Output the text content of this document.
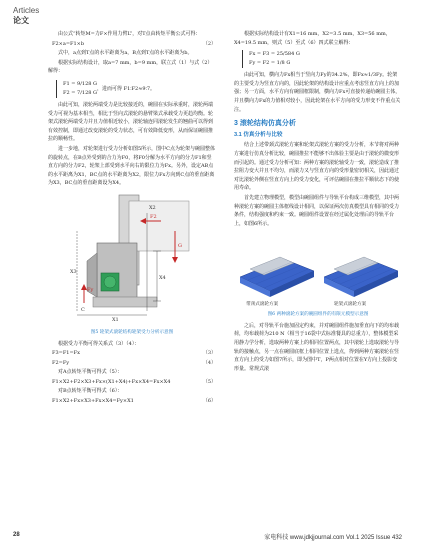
Articles
论文

由公式“转矩M=力F×作用力臂L”，对T点由转矩平衡公式可得：

F2×a=F1×b	（2）

式中，a点到T点的水平距离为a，B点到T点的水平距离为b。

根据实际结构设计，取a=7 mm，b=9 mm，联立式（1）与式（2）解得：

F1 = 9/128 G
F2 = 7/128 G
，进而可得 F1∶F2≈9∶7。

由此可知，滚轮两端受力是比较接近的，碗圆在实际承重时，滚轮两端受力可视为基本相当，相比于竖向式滚轮的悬臂梁式承载受力更趋均衡。轮架式滚轮两端受力并且力值相近较小，滚轮轴连同滚轮发生的翘曲可以得到有效控制，即通过改变滚轮的受力状态，可有效降低变形，从而保证碗圆推拉的顺畅性。

进一步地，对轮架进行受力分析如图5所示，图中C点为轮架与碗圆整体的旋转点，在B点外受到的合力为F0，将F0分解为水平方向的分力F1和竖直方向的分力F2，轮架上部受到水平向右的限位力为Fx。另外，设定AB点的水平距离为X1，BC点的水平距离为X2，限位力Fx方向到C点的垂直距离为X3，BC点的垂直距离设为X4。

X1
X4
X3
X2
C
G
F2
Fy
图5 轮架式滚轮结构轮架受力分析示意图

根据受力平衡可得关系式（3）（4）：

F3=F1=Fx	（3）
F2=Fy	（4）

对A点转矩平衡可得式（5）：

F1×X2+F2×X3+Fx×(X1+X4)+Fx×X4=Fx×X4	（5）

对B点转矩平衡可得式（6）：

F1×X2+Fx×X3+Fx×X4=Fy×X1	（6）

根据实际结构设计有X1=16 mm，X2=3.5 mm，X3=56 mm，X4=19.5 mm，则式（5）至式（6）四式联立解得：

Fx = F3 = 25/584 G
Fy = F2 = 1/8 G

由此可知，横向力Fx相当于竖向力Fy的34.2%，即Fx≈1/3Fy。轮架的主要受力为竖直方向的，因此轮架的结构设计应重点考虑竖直方向上的加强；另一方面，水平方向有碗圆框限制，横向力Fx可直接传递给碗圆主体，并且横向力Fx的力值相对较小，因此轮架在水平方向的受力形变不作重点关注。

3 滚轮结构仿真分析
3.1 仿真分析与比较

结合上述带颈式滚轮方案和轮架式滚轮方案的受力分析，本节将对两种方案进行仿真分析比较，碗圆推拉不能够不出体验主要是由于滚轮的微变形而引起的。通过受力分析可知：两种方案的滚轮轴受力一致，滚轮造成了推拉阻力变大并且不均匀，而滚力又与竖直方向的受形量密切相关，因此通过对比滚轮外侧在竖直方向上的受力变化，可评估碗圆在推拉平顺状态下的使用寿命。

首先建立物理模型，模型由碗圆组件与导轨平台构成三维模型，其中两种滚轮方案的碗圆主体框线设计相同，以保证两次仿真模型具有相同的受力条件，结构强度和约束一致。碗圆组件设置在经过属化处理后的导轨平台上，如图6所示。

带颈式滚轮方案	轮架式滚轮方案
图6 两种滚轮方案的碗圆组件的有限元模型示意图

之后，对导轨平台施加固定约束，并对碗圆组件施加垂直向下的均布载荷，均布载荷为210 N（相当于16袋中式标准餐具的总重力），整体模型采用静力学分析，选取两种方案上的相同位置两点，其中滚轮上选取滚轮与导轨的接触点，另一点在碗圆底框上相同位置上选点，得到两种方案滚轮在竖直方向上的受力如图7所示，即为图中T，P两点相对位置在Y方向上投影变形量。常规式滚

28	家电科技 www.jdkjjournal.com Vol.1 2025 Issue 432
